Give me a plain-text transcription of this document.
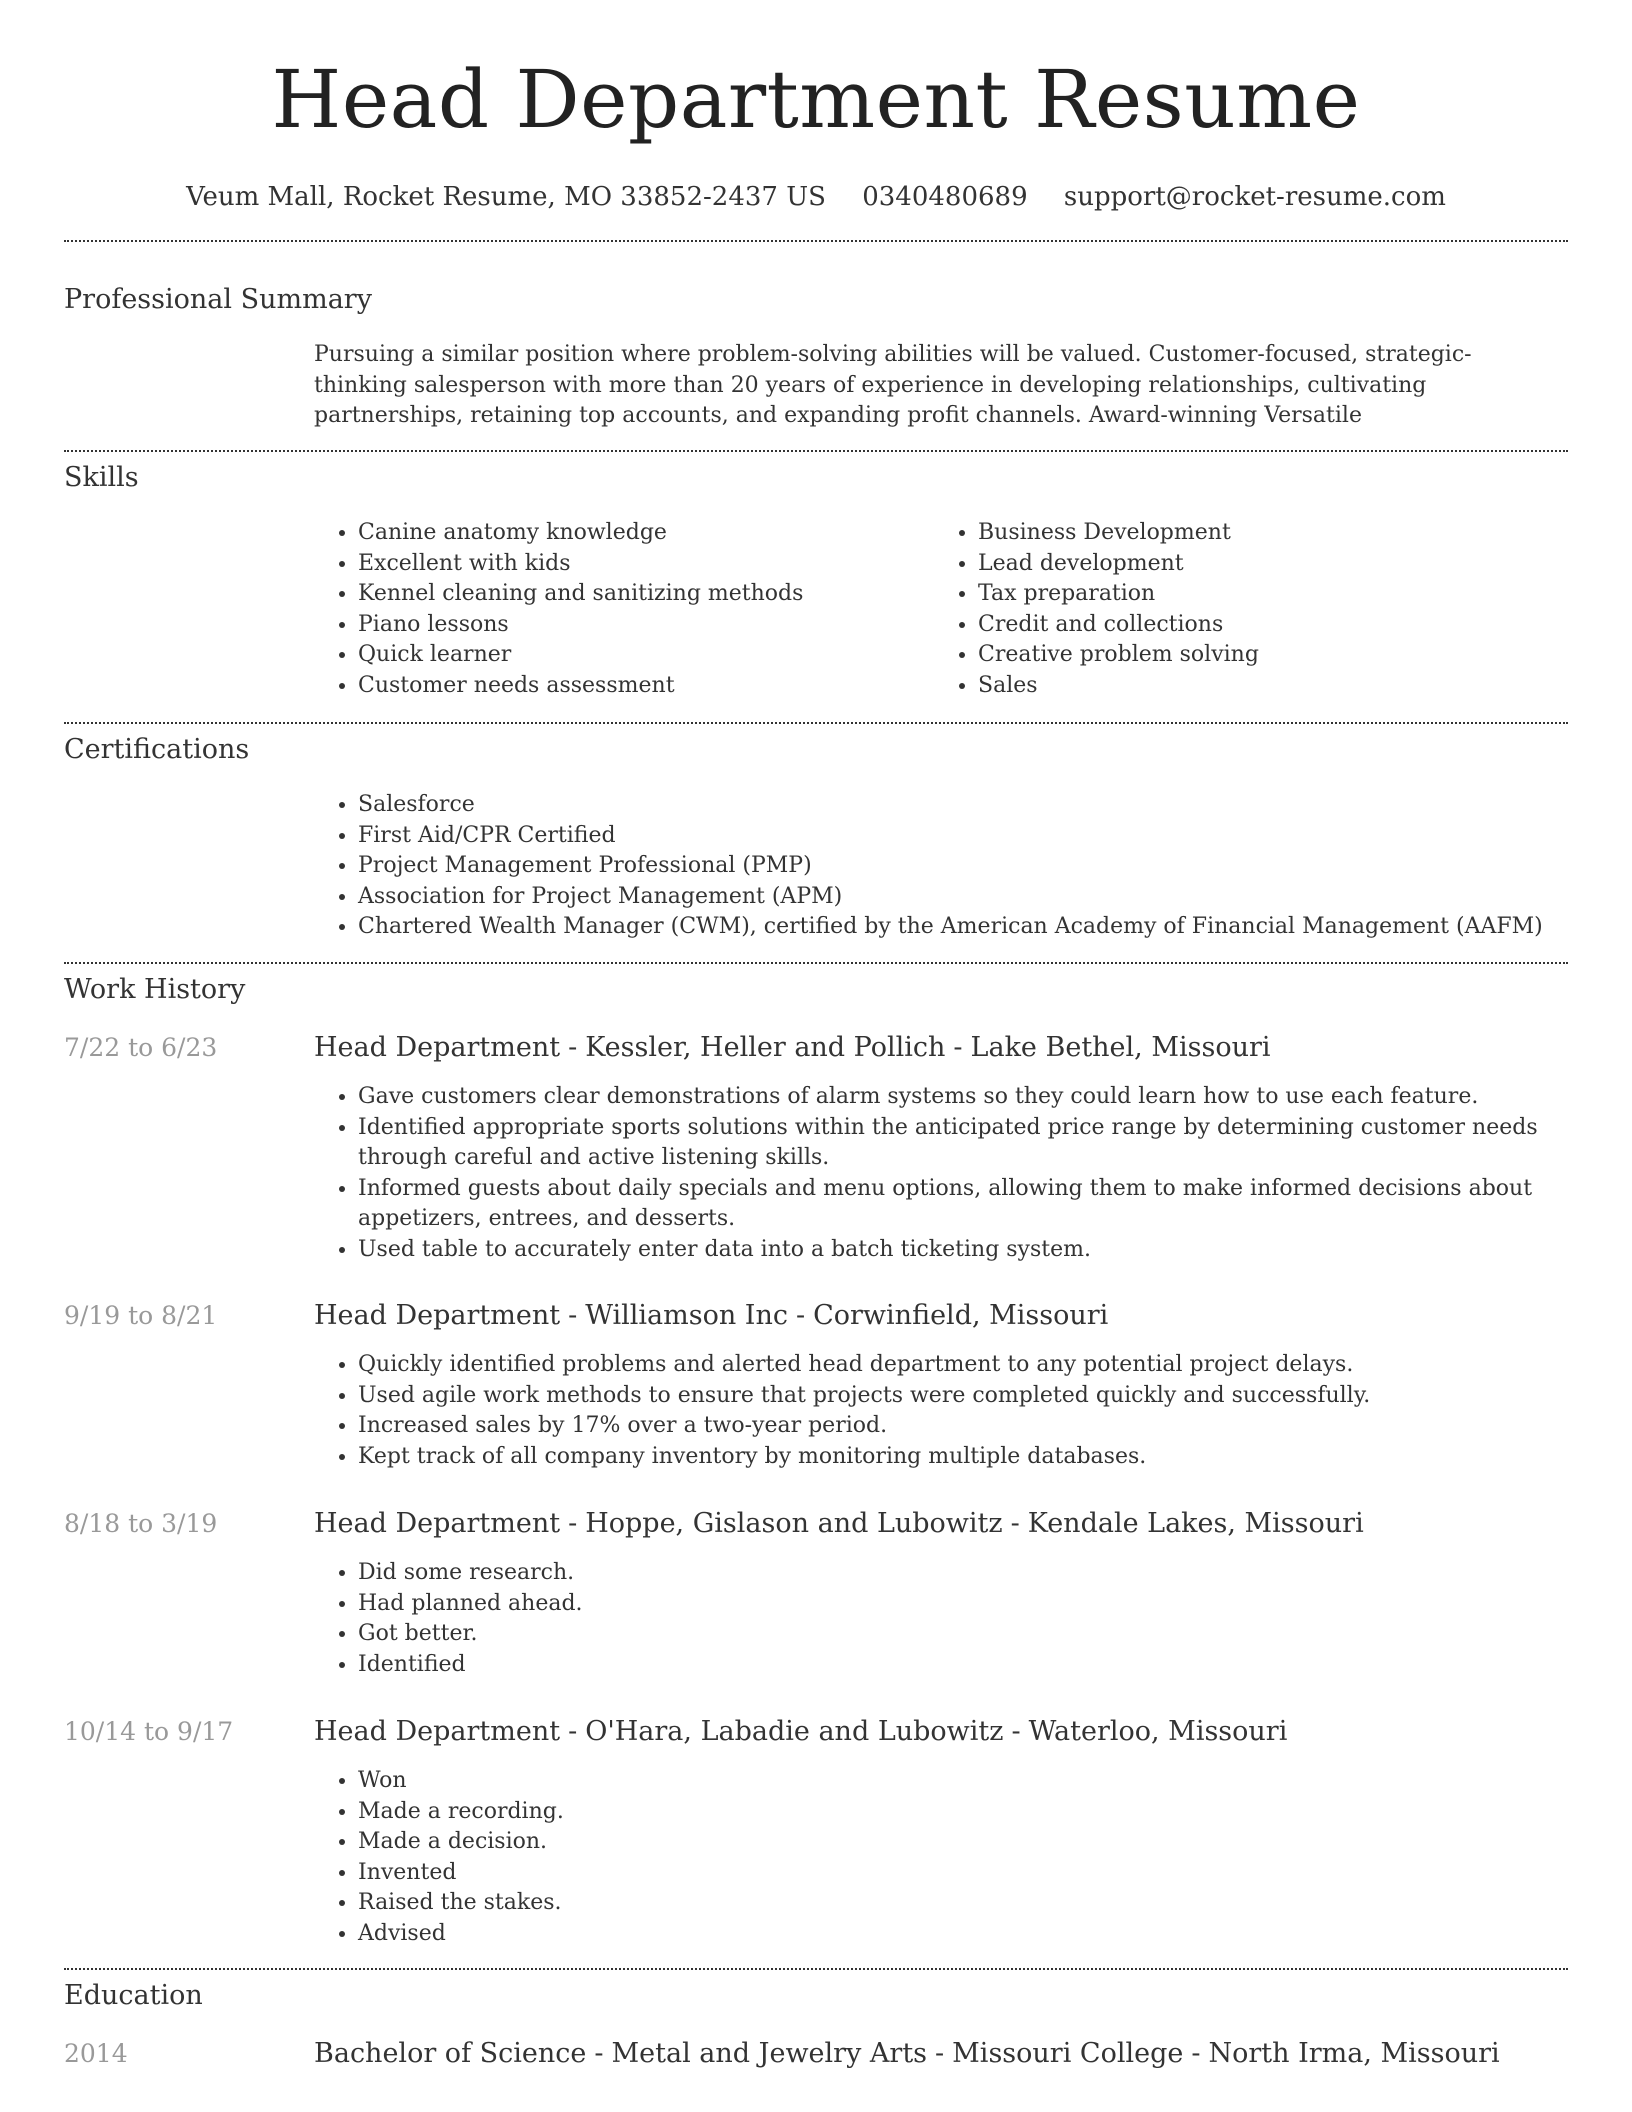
Head Department Resume
Veum Mall, Rocket Resume, MO 33852-2437 US 0340480689 support@rocket-resume.com
Professional Summary
Pursuing a similar position where problem-solving abilities will be valued. Customer-focused, strategic-thinking salesperson with more than 20 years of experience in developing relationships, cultivating partnerships, retaining top accounts, and expanding profit channels. Award-winning Versatile
Skills
• Canine anatomy knowledge
• Excellent with kids
• Kennel cleaning and sanitizing methods
• Piano lessons
• Quick learner
• Customer needs assessment
• Business Development
• Lead development
• Tax preparation
• Credit and collections
• Creative problem solving
• Sales
Certifications
• Salesforce
• First Aid/CPR Certified
• Project Management Professional (PMP)
• Association for Project Management (APM)
• Chartered Wealth Manager (CWM), certified by the American Academy of Financial Management (AAFM)
Work History
7/22 to 6/23	Head Department - Kessler, Heller and Pollich - Lake Bethel, Missouri
• Gave customers clear demonstrations of alarm systems so they could learn how to use each feature.
• Identified appropriate sports solutions within the anticipated price range by determining customer needs through careful and active listening skills.
• Informed guests about daily specials and menu options, allowing them to make informed decisions about appetizers, entrees, and desserts.
• Used table to accurately enter data into a batch ticketing system.
9/19 to 8/21	Head Department - Williamson Inc - Corwinfield, Missouri
• Quickly identified problems and alerted head department to any potential project delays.
• Used agile work methods to ensure that projects were completed quickly and successfully.
• Increased sales by 17% over a two-year period.
• Kept track of all company inventory by monitoring multiple databases.
8/18 to 3/19	Head Department - Hoppe, Gislason and Lubowitz - Kendale Lakes, Missouri
• Did some research.
• Had planned ahead.
• Got better.
• Identified
10/14 to 9/17	Head Department - O'Hara, Labadie and Lubowitz - Waterloo, Missouri
• Won
• Made a recording.
• Made a decision.
• Invented
• Raised the stakes.
• Advised
Education
2014	Bachelor of Science - Metal and Jewelry Arts - Missouri College - North Irma, Missouri
